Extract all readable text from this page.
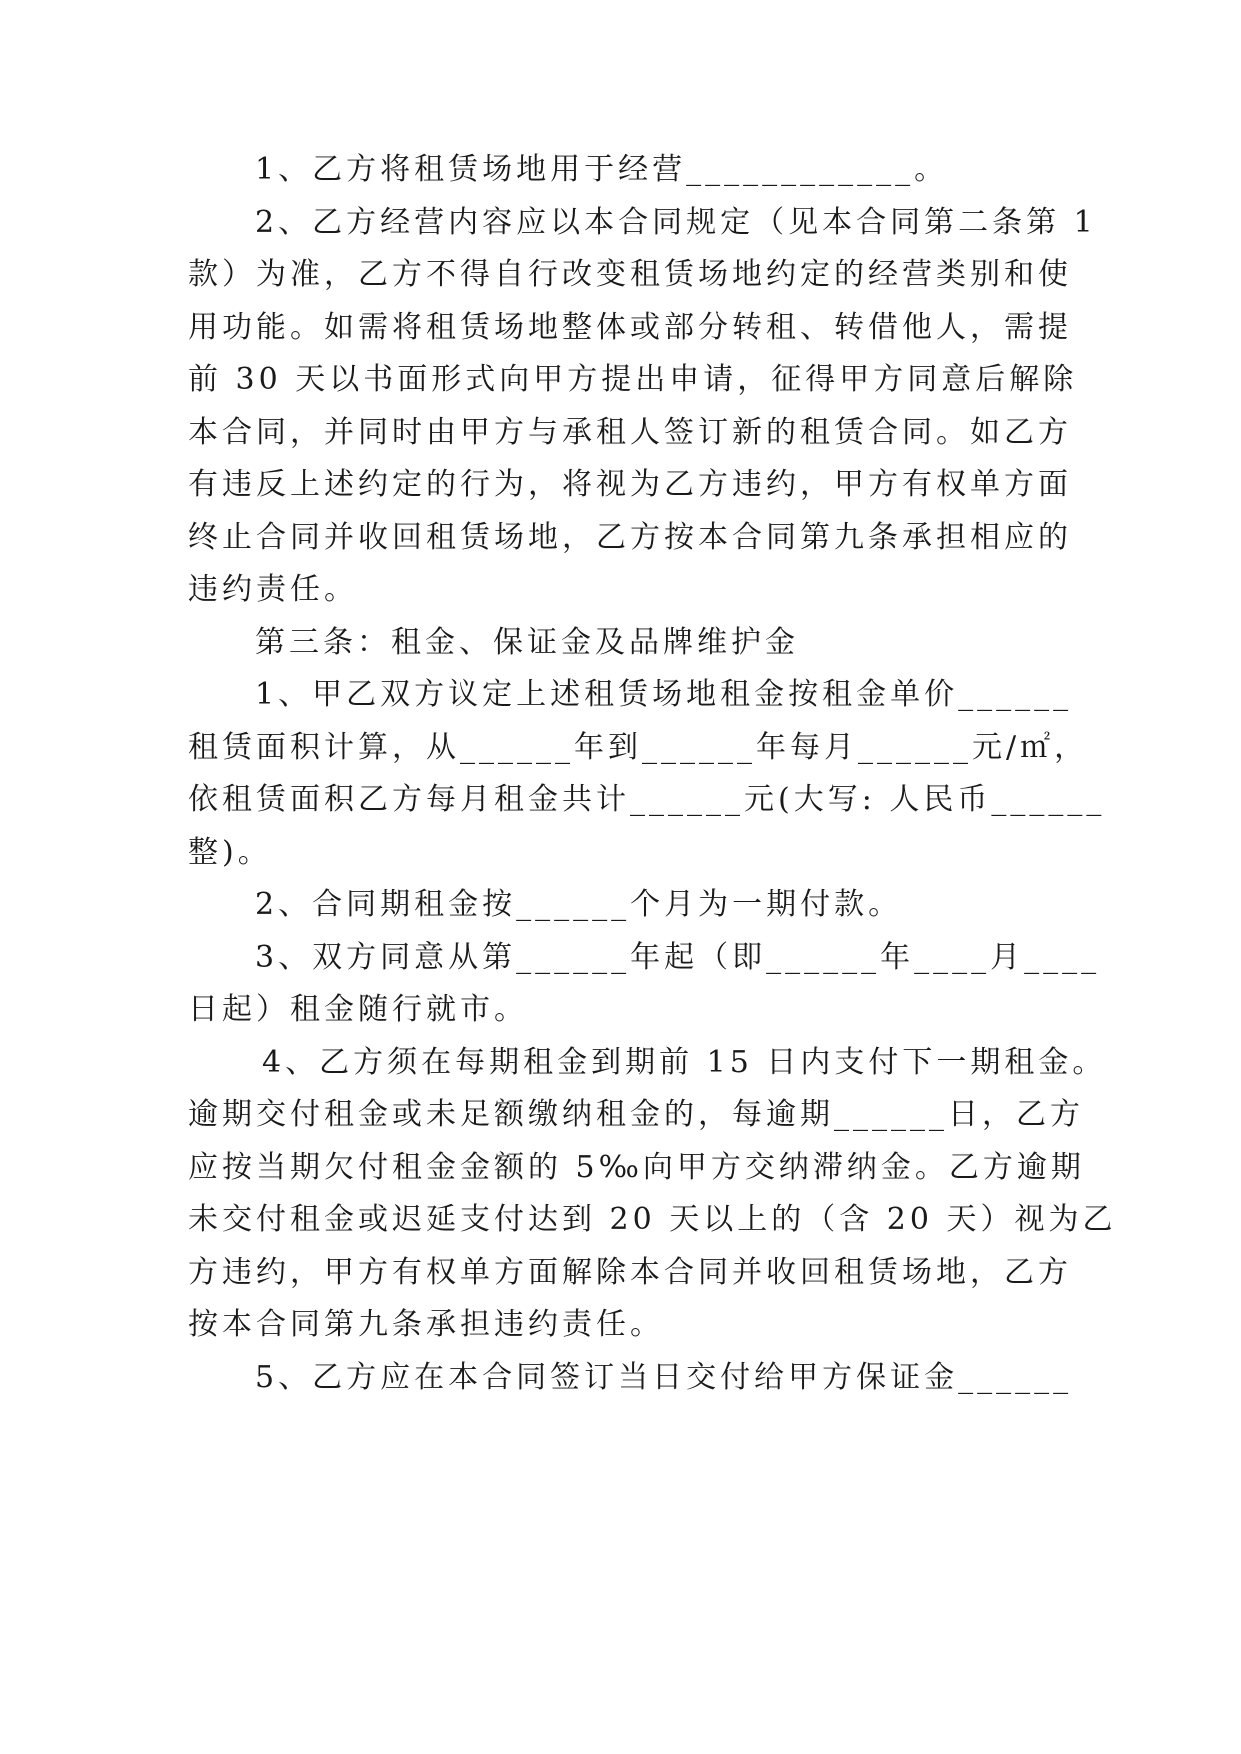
1、乙方将租赁场地用于经营____________。
2、乙方经营内容应以本合同规定（见本合同第二条第 1
款）为准，乙方不得自行改变租赁场地约定的经营类别和使
用功能。如需将租赁场地整体或部分转租、转借他人，需提
前 30 天以书面形式向甲方提出申请，征得甲方同意后解除
本合同，并同时由甲方与承租人签订新的租赁合同。如乙方
有违反上述约定的行为，将视为乙方违约，甲方有权单方面
终止合同并收回租赁场地，乙方按本合同第九条承担相应的
违约责任。
第三条：租金、保证金及品牌维护金
1、甲乙双方议定上述租赁场地租金按租金单价______
租赁面积计算，从______年到______年每月______元/㎡，
依租赁面积乙方每月租金共计______元(大写: 人民币______
整)。
2、合同期租金按______个月为一期付款。
3、双方同意从第______年起（即______年____月____
日起）租金随行就市。
4、乙方须在每期租金到期前 15 日内支付下一期租金。
逾期交付租金或未足额缴纳租金的，每逾期______日，乙方
应按当期欠付租金金额的 5‰向甲方交纳滞纳金。乙方逾期
未交付租金或迟延支付达到 20 天以上的（含 20 天）视为乙
方违约，甲方有权单方面解除本合同并收回租赁场地，乙方
按本合同第九条承担违约责任。
5、乙方应在本合同签订当日交付给甲方保证金______
